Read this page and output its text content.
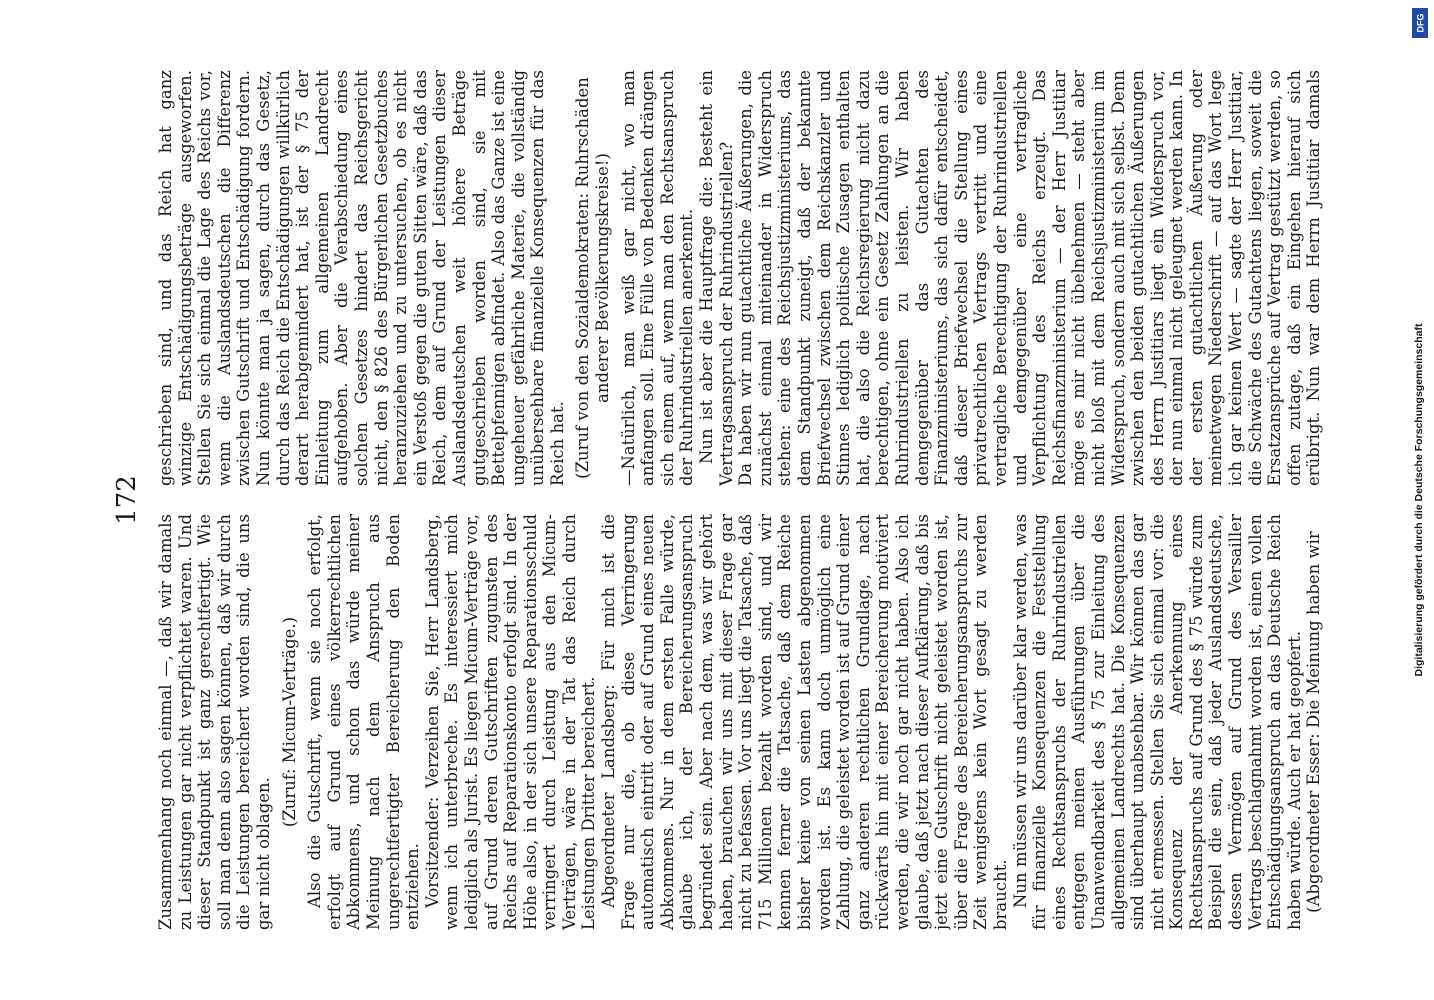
172

Zusammenhang noch einmal —, daß wir damals zu Leistungen gar nicht verpflichtet waren. Und dieser Standpunkt ist ganz gerechtfertigt. Wie soll man denn also sagen können, daß wir durch die Leistungen bereichert worden sind, die uns gar nicht oblagen.

(Zuruf: Micum-Verträge.) Also die Gutschrift, wenn sie noch erfolgt, erfolgt auf Grund eines völkerrechtlichen Abkommens, und schon das würde meiner Meinung nach dem Anspruch aus ungerechtfertigter Bereicherung den Boden entziehen. Vorsitzender: Verzeihen Sie, Herr Landsberg, wenn ich unterbreche. Es interessiert mich lediglich als Jurist. Es liegen Micum-Verträge vor, auf Grund deren Gutschriften zugunsten des Reichs auf Reparationskonto erfolgt sind. In der Höhe also, in der sich unsere Reparationsschuld verringert durch Leistung aus den Micum-Verträgen, wäre in der Tat das Reich durch Leistungen Dritter bereichert. Abgeordneter Landsberg: Für mich ist die Frage nur die, ob diese Verringerung automatisch eintritt oder auf Grund eines neuen Abkommens. Nur in dem ersten Falle würde, glaube ich, der Bereicherungsanspruch begründet sein. Aber nach dem, was wir gehört haben, brauchen wir uns mit dieser Frage gar nicht zu befassen. Vor uns liegt die Tatsache, daß 715 Millionen bezahlt worden sind, und wir kennen ferner die Tatsache, daß dem Reiche bisher keine von seinen Lasten abgenommen worden ist. Es kann doch unmöglich eine Zahlung, die geleistet worden ist auf Grund einer ganz anderen rechtlichen Grundlage, nach rückwärts hin mit einer Bereicherung motiviert werden, die wir noch gar nicht haben. Also ich glaube, daß jetzt nach dieser Aufklärung, daß bis jetzt eine Gutschrift nicht geleistet worden ist, über die Frage des Bereicherungsanspruchs zur Zeit wenigstens kein Wort gesagt zu werden braucht. Nun müssen wir uns darüber klar werden, was für finanzielle Konsequenzen die Feststellung eines Rechtsanspruchs der Ruhrindustriellen entgegen meinen Ausführungen über die Unanwendbarkeit des § 75 zur Einleitung des allgemeinen Landrechts hat. Die Konsequenzen sind überhaupt unabsehbar. Wir können das gar nicht ermessen. Stellen Sie sich einmal vor: die Konsequenz der Anerkennung eines Rechtsanspruchs auf Grund des § 75 würde zum Beispiel die sein, daß jeder Auslandsdeutsche, dessen Vermögen auf Grund des Versailler Vertrags beschlagnahmt worden ist, einen vollen Entschädigungsanspruch an das Deutsche Reich haben würde. Auch er hat geopfert. (Abgeordneter Esser: Die Meinung haben wir

geschrieben sind, und das Reich hat ganz winzige Entschädigungsbeträge ausgeworfen. Stellen Sie sich einmal die Lage des Reichs vor, wenn die Auslandsdeutschen die Differenz zwischen Gutschrift und Entschädigung fordern. Nun könnte man ja sagen, durch das Gesetz, durch das Reich die Entschädigungen willkürlich derart herabgemindert hat, ist der § 75 der Einleitung zum allgemeinen Landrecht aufgehoben. Aber die Verabschiedung eines solchen Gesetzes hindert das Reichsgericht nicht, den § 826 des Bürgerlichen Gesetzbuches heranzuziehen und zu untersuchen, ob es nicht ein Verstoß gegen die guten Sitten wäre, daß das Reich, dem auf Grund der Leistungen dieser Auslandsdeutschen weit höhere Beträge gutgeschrieben worden sind, sie mit Bettelpfennigen abfindet. Also das Ganze ist eine ungeheuer gefährliche Materie, die vollständig unübersehbare finanzielle Konsequenzen für das Reich hat. (Zuruf von den Sozialdemokraten: Ruhrschäden anderer Bevölkerungskreise!) —Natürlich, man weiß gar nicht, wo man anfangen soll. Eine Fülle von Bedenken drängen sich einem auf, wenn man den Rechtsanspruch der Ruhrindustriellen anerkennt. Nun ist aber die Hauptfrage die: Besteht ein Vertragsanspruch der Ruhrindustriellen? Da haben wir nun gutachtliche Äußerungen, die zunächst einmal miteinander in Widerspruch stehen: eine des Reichsjustizministeriums, das dem Standpunkt zuneigt, daß der bekannte Briefwechsel zwischen dem Reichskanzler und Stinnes lediglich politische Zusagen enthalten hat, die also die Reichsregierung nicht dazu berechtigen, ohne ein Gesetz Zahlungen an die Ruhrindustriellen zu leisten. Wir haben demgegenüber das Gutachten des Finanzministeriums, das sich dafür entscheidet, daß dieser Briefwechsel die Stellung eines privatrechtlichen Vertrags vertritt und eine vertragliche Berechtigung der Ruhrindustriellen und demgegenüber eine vertragliche Verpflichtung des Reichs erzeugt. Das Reichsfinanzministerium — der Herr Justitiar möge es mir nicht übelnehmen — steht aber nicht bloß mit dem Reichsjustizministerium im Widerspruch, sondern auch mit sich selbst. Denn zwischen den beiden gutachtlichen Äußerungen des Herrn Justitiars liegt ein Widerspruch vor, der nun einmal nicht geleugnet werden kann. In der ersten gutachtlichen Äußerung oder meinetwegen Niederschrift — auf das Wort lege ich gar keinen Wert — sagte der Herr Justitiar, die Schwäche des Gutachtens liegen, soweit die Ersatzansprüche auf Vertrag gestützt werden, so offen zutage, daß ein Eingehen hierauf sich erübrigt. Nun war dem Herrn Justitiar damals

DFG
Digitalisierung gefördert durch die Deutsche Forschungsgemeinschaft
